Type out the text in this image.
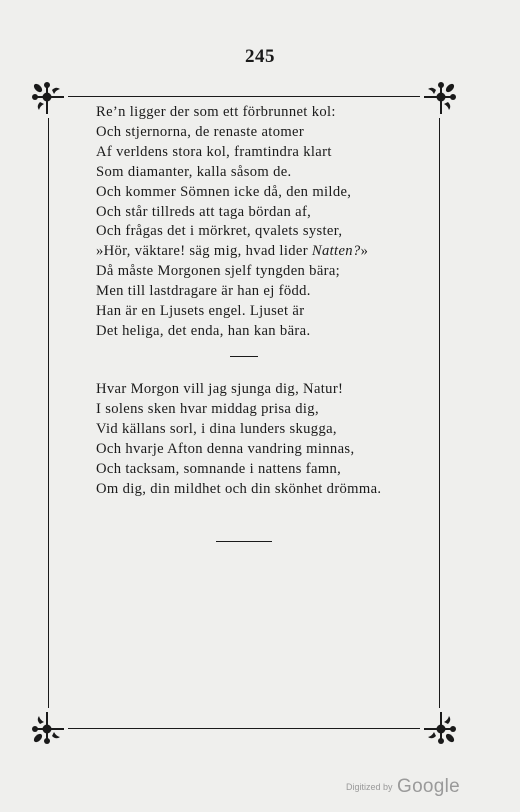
245
Re’n ligger der som ett förbrunnet kol:
Och stjernorna, de renaste atomer
Af verldens stora kol, framtindra klart
Som diamanter, kalla såsom de.
Och kommer Sömnen icke då, den milde,
Och står tillreds att taga bördan af,
Och frågas det i mörkret, qvalets syster,
»Hör, väktare! säg mig, hvad lider Natten?»
Då måste Morgonen sjelf tyngden bära;
Men till lastdragare är han ej född.
Han är en Ljusets engel. Ljuset är
Det heliga, det enda, han kan bära.
Hvar Morgon vill jag sjunga dig, Natur!
I solens sken hvar middag prisa dig,
Vid källans sorl, i dina lunders skugga,
Och hvarje Afton denna vandring minnas,
Och tacksam, somnande i nattens famn,
Om dig, din mildhet och din skönhet drömma.
Digitized by Google
